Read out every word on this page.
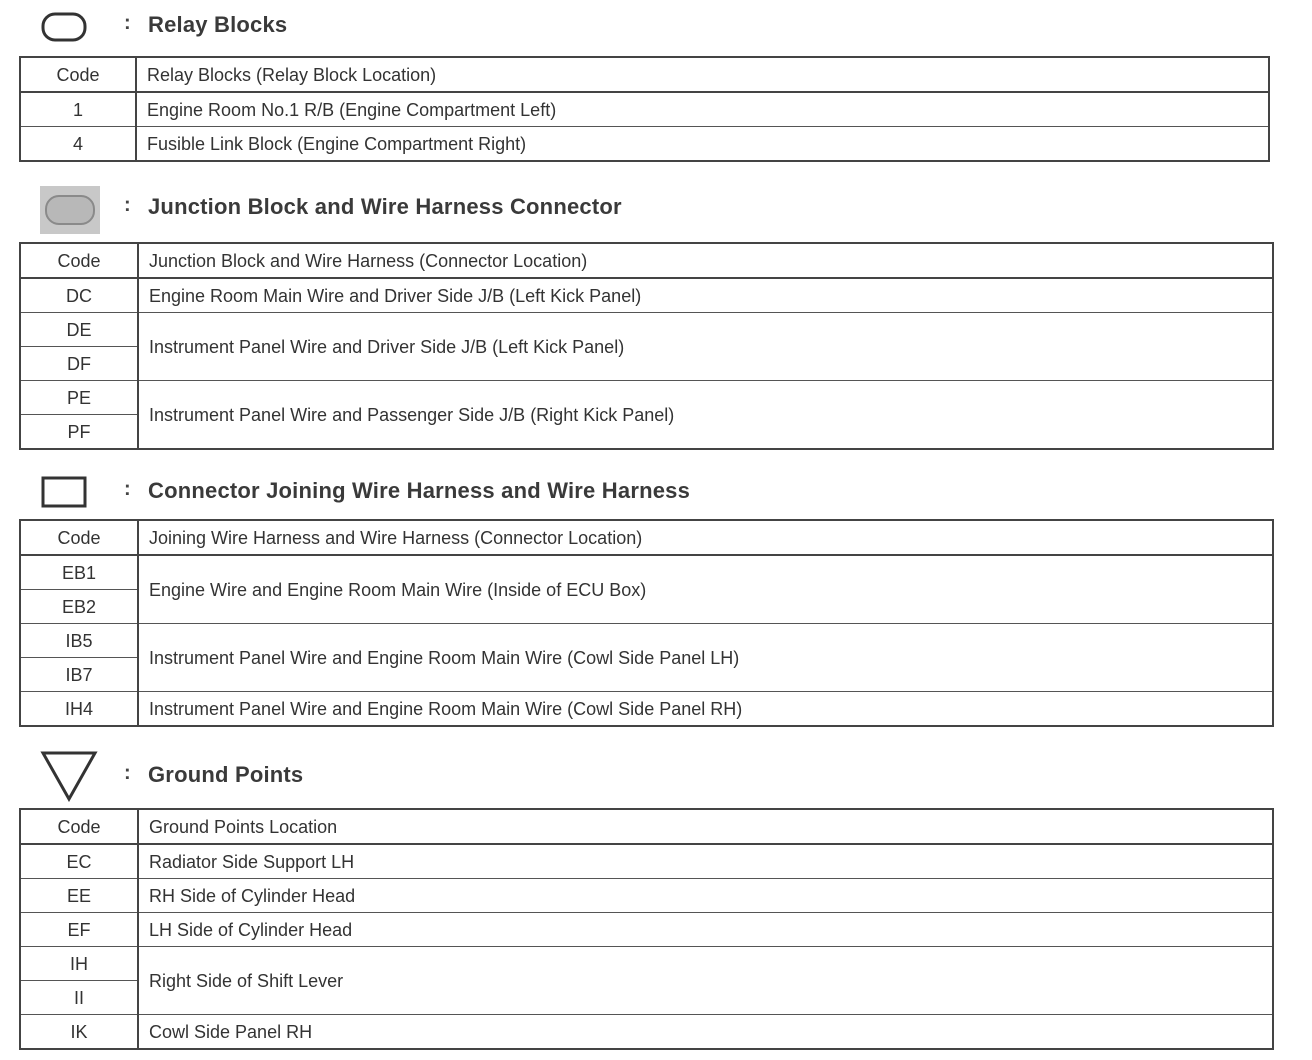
: Relay Blocks
Code	Relay Blocks (Relay Block Location)
1	Engine Room No.1 R/B (Engine Compartment Left)
4	Fusible Link Block (Engine Compartment Right)
: Junction Block and Wire Harness Connector
Code	Junction Block and Wire Harness (Connector Location)
DC	Engine Room Main Wire and Driver Side J/B (Left Kick Panel)
DE	Instrument Panel Wire and Driver Side J/B (Left Kick Panel)
DF	
PE	Instrument Panel Wire and Passenger Side J/B (Right Kick Panel)
PF	
: Connector Joining Wire Harness and Wire Harness
Code	Joining Wire Harness and Wire Harness (Connector Location)
EB1	Engine Wire and Engine Room Main Wire (Inside of ECU Box)
EB2	
IB5	Instrument Panel Wire and Engine Room Main Wire (Cowl Side Panel LH)
IB7	
IH4	Instrument Panel Wire and Engine Room Main Wire (Cowl Side Panel RH)
: Ground Points
Code	Ground Points Location
EC	Radiator Side Support LH
EE	RH Side of Cylinder Head
EF	LH Side of Cylinder Head
IH	Right Side of Shift Lever
II	
IK	Cowl Side Panel RH
